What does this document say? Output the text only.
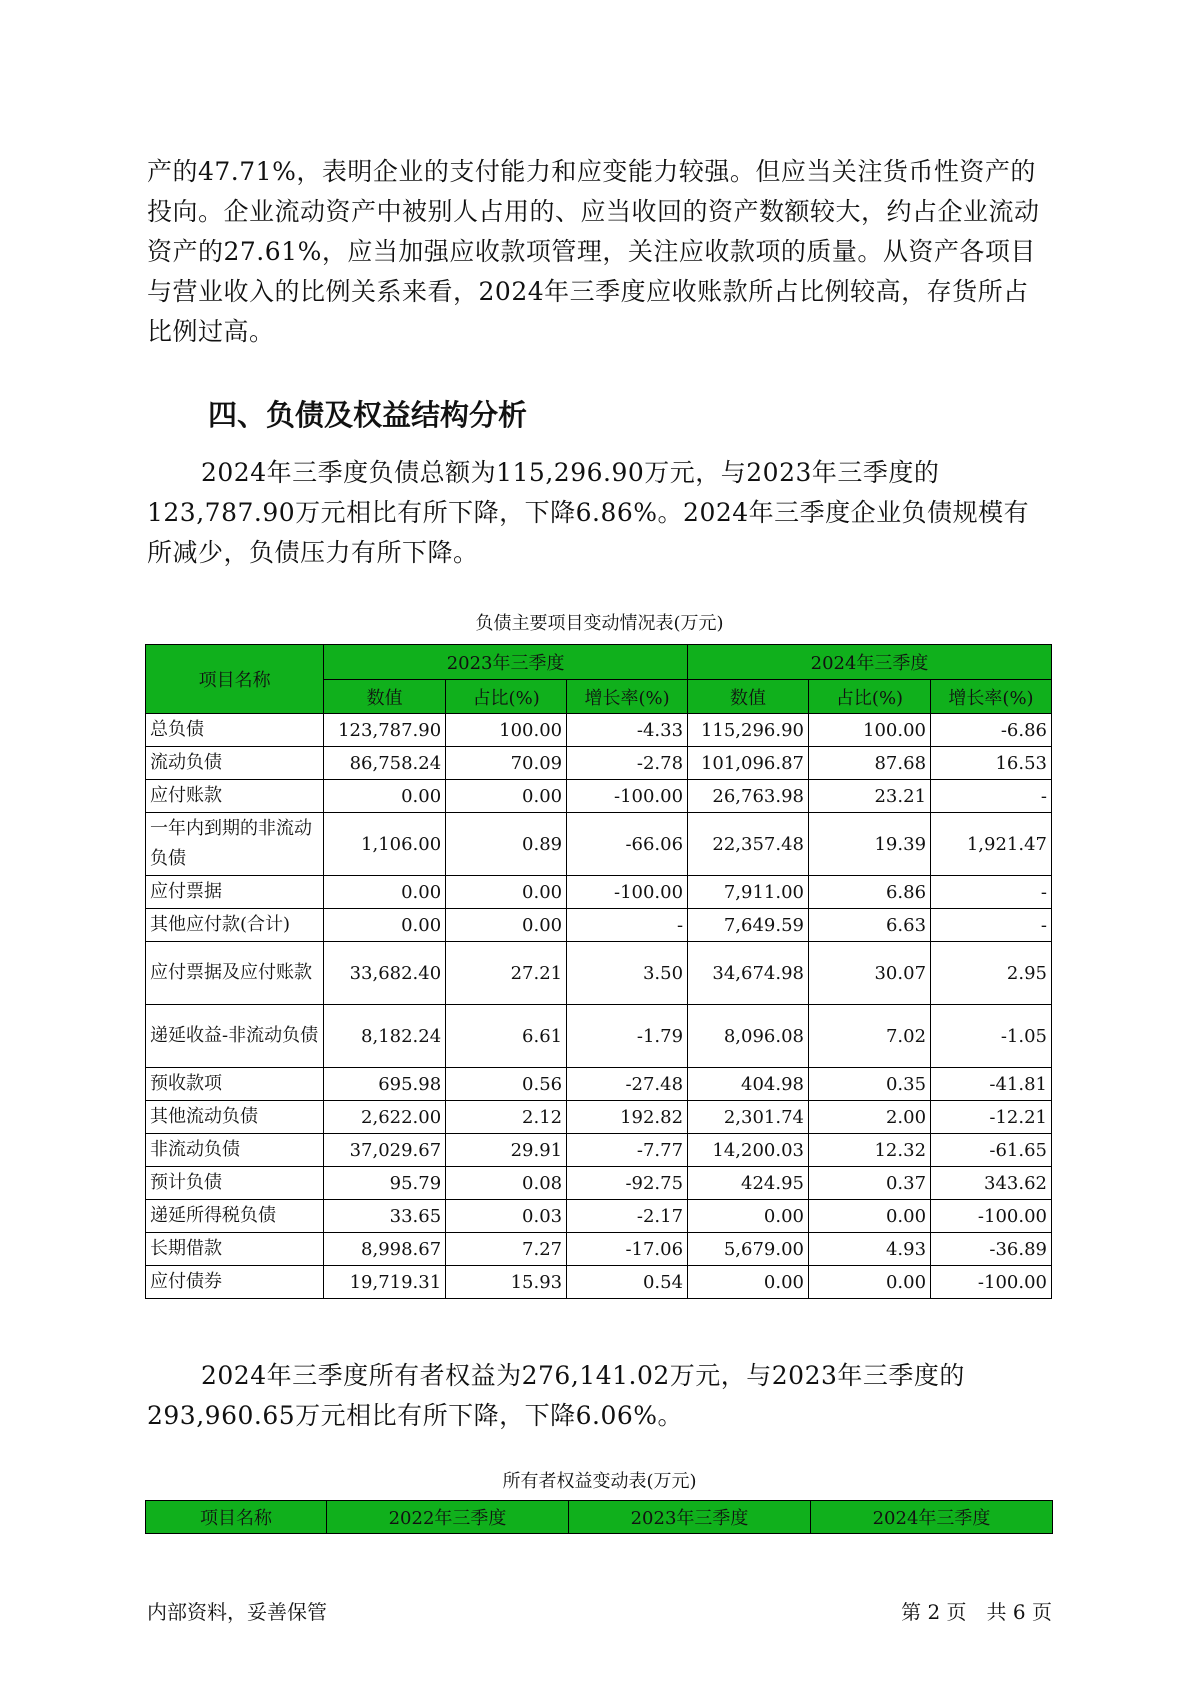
产的47.71%，表明企业的支付能力和应变能力较强。但应当关注货币性资产的投向。企业流动资产中被别人占用的、应当收回的资产数额较大，约占企业流动资产的27.61%，应当加强应收款项管理，关注应收款项的质量。从资产各项目与营业收入的比例关系来看，2024年三季度应收账款所占比例较高，存货所占比例过高。

四、负债及权益结构分析

2024年三季度负债总额为115,296.90万元，与2023年三季度的123,787.90万元相比有所下降，下降6.86%。2024年三季度企业负债规模有所减少，负债压力有所下降。

负债主要项目变动情况表(万元)
项目名称	2023年三季度			2024年三季度		
	数值	占比(%)	增长率(%)	数值	占比(%)	增长率(%)
总负债	123,787.90	100.00	-4.33	115,296.90	100.00	-6.86
流动负债	86,758.24	70.09	-2.78	101,096.87	87.68	16.53
应付账款	0.00	0.00	-100.00	26,763.98	23.21	-
一年内到期的非流动负债	1,106.00	0.89	-66.06	22,357.48	19.39	1,921.47
应付票据	0.00	0.00	-100.00	7,911.00	6.86	-
其他应付款(合计)	0.00	0.00	-	7,649.59	6.63	-
应付票据及应付账款	33,682.40	27.21	3.50	34,674.98	30.07	2.95
递延收益-非流动负债	8,182.24	6.61	-1.79	8,096.08	7.02	-1.05
预收款项	695.98	0.56	-27.48	404.98	0.35	-41.81
其他流动负债	2,622.00	2.12	192.82	2,301.74	2.00	-12.21
非流动负债	37,029.67	29.91	-7.77	14,200.03	12.32	-61.65
预计负债	95.79	0.08	-92.75	424.95	0.37	343.62
递延所得税负债	33.65	0.03	-2.17	0.00	0.00	-100.00
长期借款	8,998.67	7.27	-17.06	5,679.00	4.93	-36.89
应付债券	19,719.31	15.93	0.54	0.00	0.00	-100.00

2024年三季度所有者权益为276,141.02万元，与2023年三季度的293,960.65万元相比有所下降，下降6.06%。

所有者权益变动表(万元)
项目名称	2022年三季度	2023年三季度	2024年三季度
内部资料，妥善保管	第 2 页　共 6 页
